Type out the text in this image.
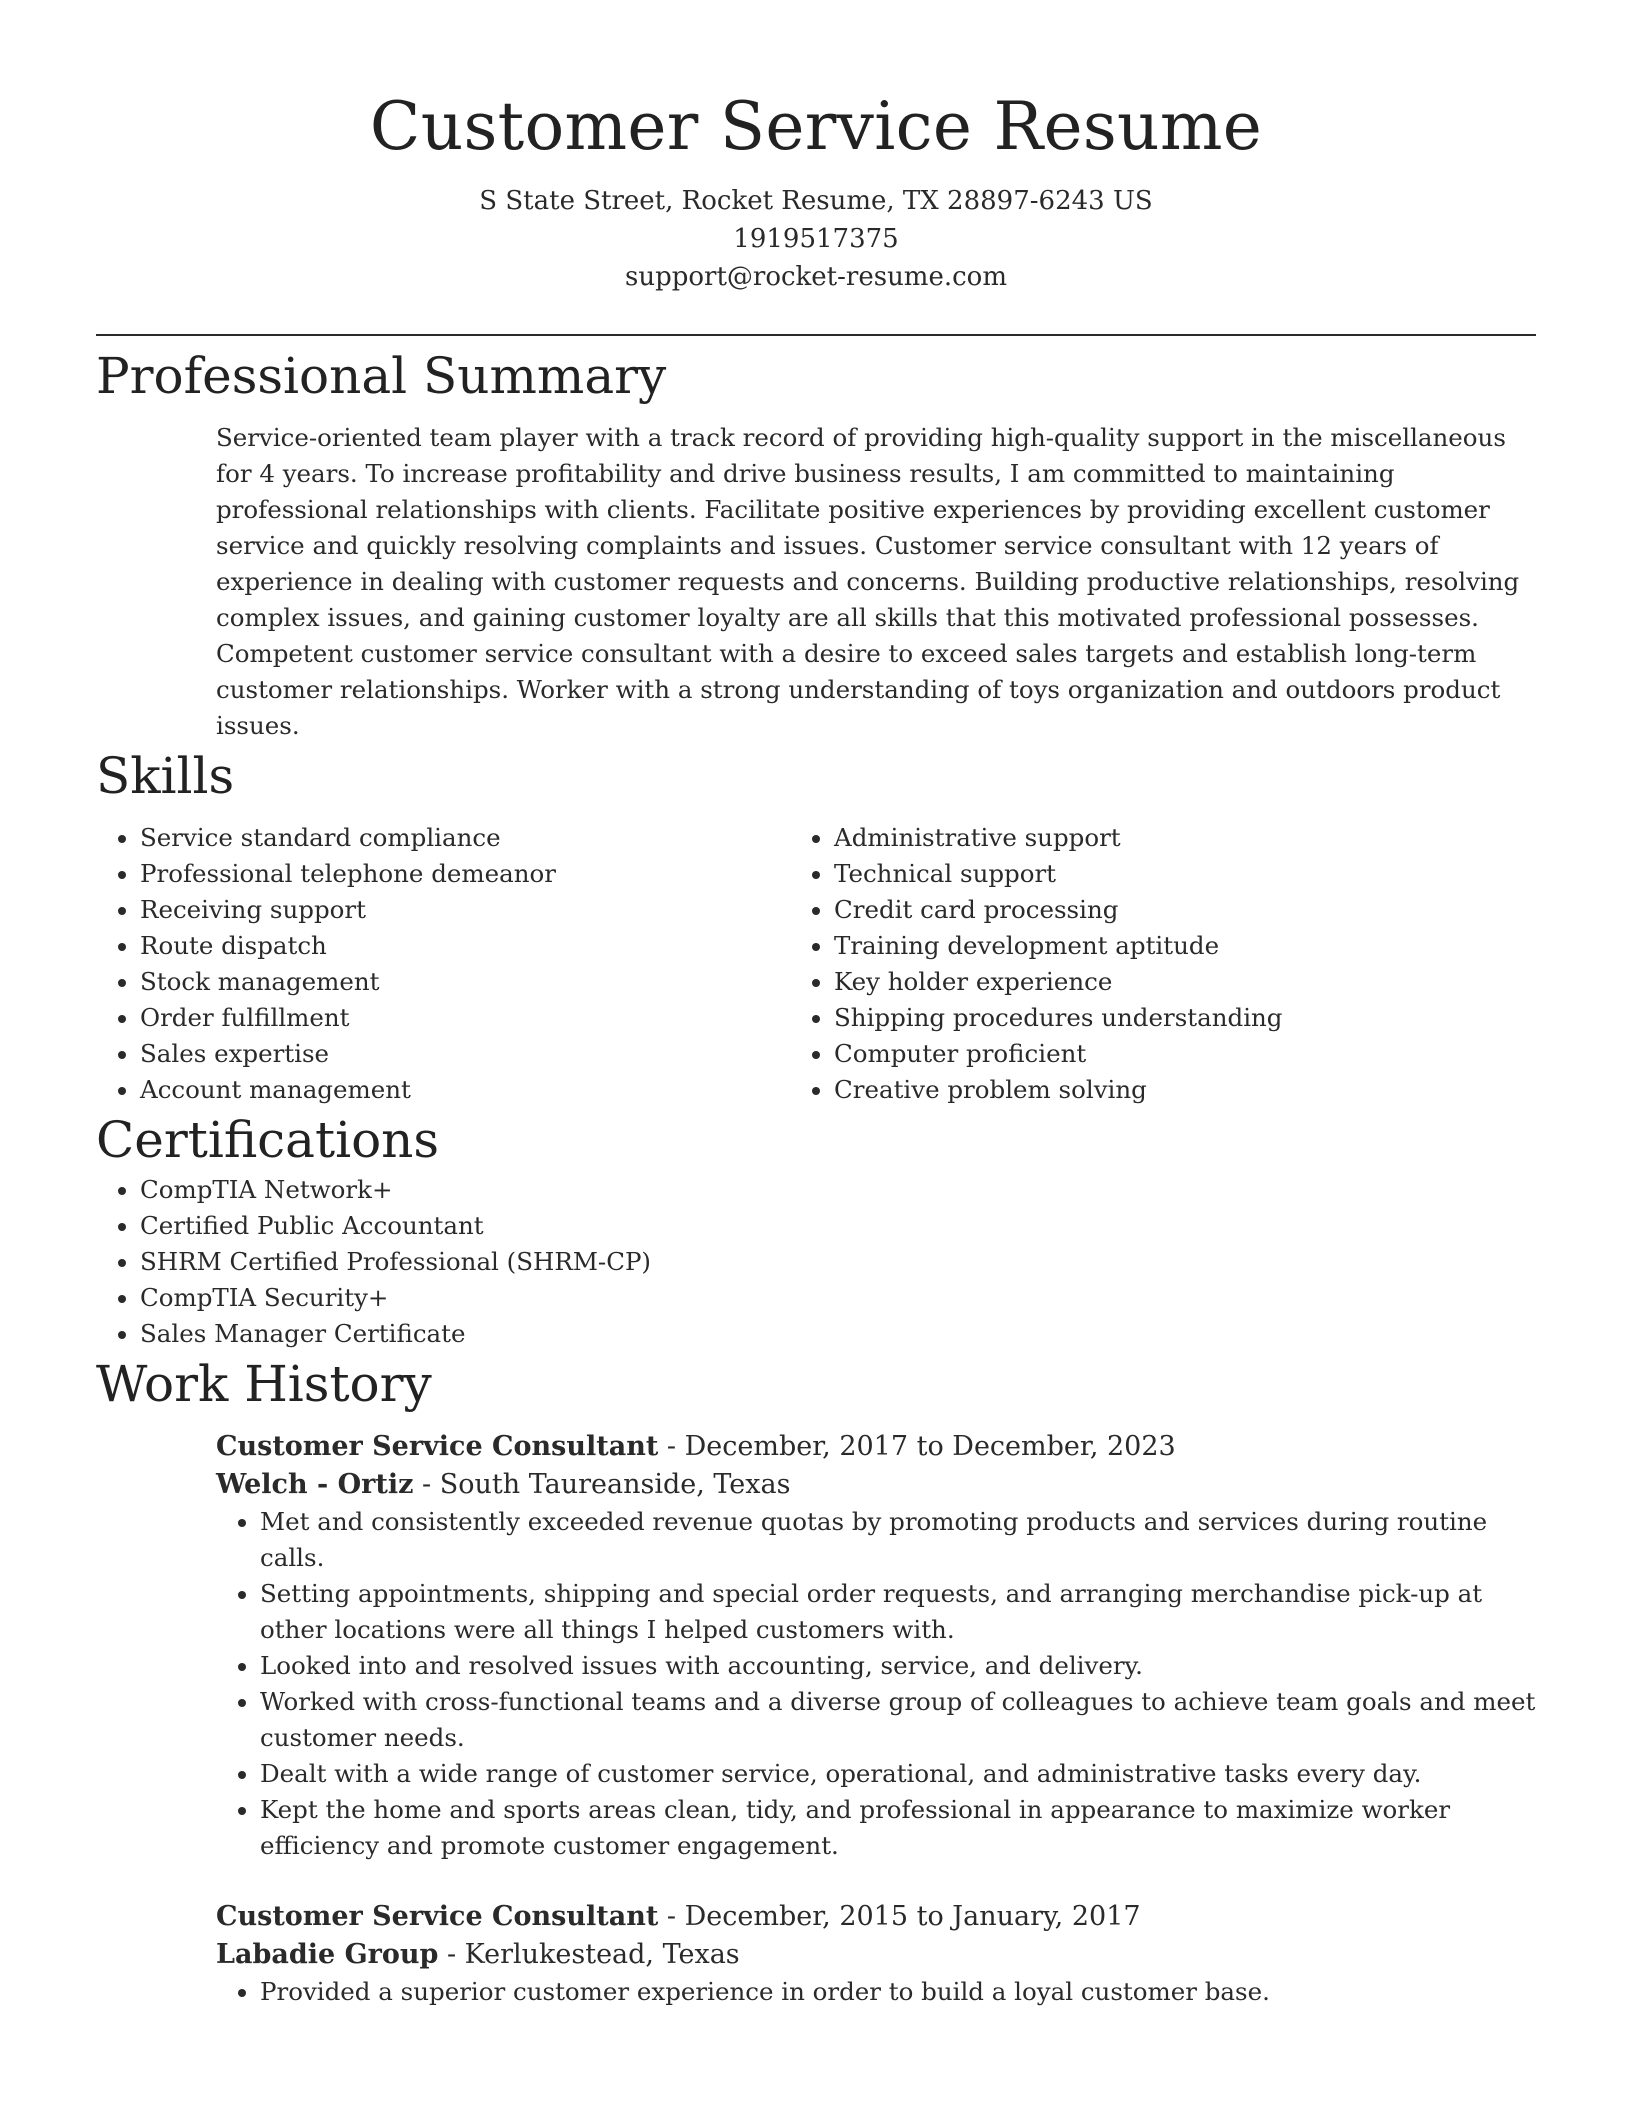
Customer Service Resume
S State Street, Rocket Resume, TX 28897-6243 US
1919517375
support@rocket-resume.com
Professional Summary

Service-oriented team player with a track record of providing high-quality support in the miscellaneous for 4 years. To increase profitability and drive business results, I am committed to maintaining professional relationships with clients. Facilitate positive experiences by providing excellent customer service and quickly resolving complaints and issues. Customer service consultant with 12 years of experience in dealing with customer requests and concerns. Building productive relationships, resolving complex issues, and gaining customer loyalty are all skills that this motivated professional possesses. Competent customer service consultant with a desire to exceed sales targets and establish long-term customer relationships. Worker with a strong understanding of toys organization and outdoors product issues.

Skills
• Service standard compliance
• Professional telephone demeanor
• Receiving support
• Route dispatch
• Stock management
• Order fulfillment
• Sales expertise
• Account management
• Administrative support
• Technical support
• Credit card processing
• Training development aptitude
• Key holder experience
• Shipping procedures understanding
• Computer proficient
• Creative problem solving
Certifications
• CompTIA Network+
• Certified Public Accountant
• SHRM Certified Professional (SHRM-CP)
• CompTIA Security+
• Sales Manager Certificate
Work History
Customer Service Consultant - December, 2017 to December, 2023
Welch - Ortiz - South Taureanside, Texas
• Met and consistently exceeded revenue quotas by promoting products and services during routine calls.
• Setting appointments, shipping and special order requests, and arranging merchandise pick-up at other locations were all things I helped customers with.
• Looked into and resolved issues with accounting, service, and delivery.
• Worked with cross-functional teams and a diverse group of colleagues to achieve team goals and meet customer needs.
• Dealt with a wide range of customer service, operational, and administrative tasks every day.
• Kept the home and sports areas clean, tidy, and professional in appearance to maximize worker efficiency and promote customer engagement.
Customer Service Consultant - December, 2015 to January, 2017
Labadie Group - Kerlukestead, Texas
• Provided a superior customer experience in order to build a loyal customer base.
